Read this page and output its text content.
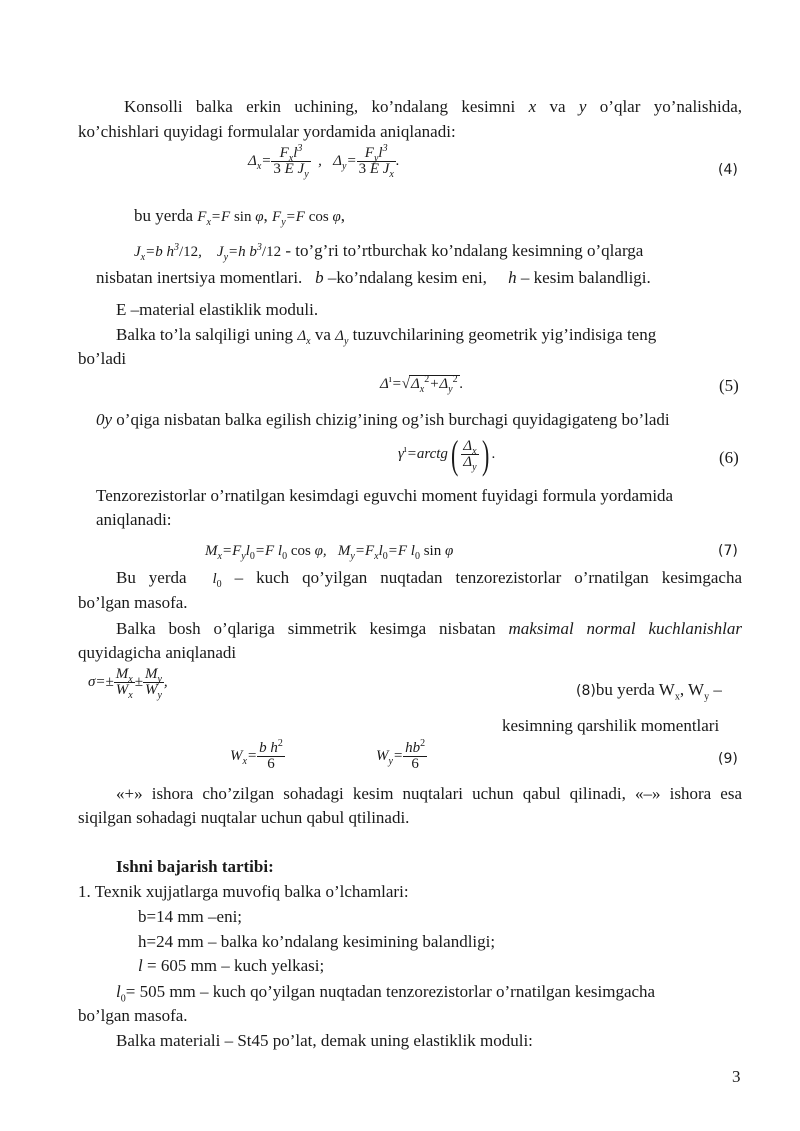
Konsolli balka erkin uchining, ko’ndalang kesimni x va y o’qlar yo’nalishida,
ko’chishlari quyidagi formulalar yordamida aniqlanadi:
$\Delta_x= \frac{F_xl^3}{3 E J_y}$ ,   $\Delta_y= \frac{F_yl^3}{3 E J_x}$ .
(4)
bu yerda $F_x=F$ sin φ, $F_y=F$ cos φ,
$J_x=b$ $h^3/12$,    $J_y=h$ $b^3/12$ - to’g’ri to’rtburchak ko’ndalang kesimning o’qlarga
nisbatan inertsiya momentlari. b –ko’ndalang kesim eni, h – kesim balandligi.
E –material elastiklik moduli.
Balka to’la salqiligi uning $\Delta_x$ va $\Delta_y$ tuzuvchilarining geometrik yig’indisiga teng
bo’ladi
$\Delta^ı=√\Delta_x^2+\Delta_y^2$ .	(5)
0y o’qiga nisbatan balka egilish chizig’ining og’ish burchagi quyidagigateng bo’ladi
$\gamma^ı=arctg( \frac{\Delta_x}{\Delta_y}$ ) .	(6)
Tenzorezistorlar o’rnatilgan kesimdagi eguvchi moment fuyidagi formula yordamida
aniqlanadi:
$M_x=F_yl_0=F$ $l_0$ cos φ,   $M_y=F_xl_0=F$ $l_0$ sin φ	(7)
Bu yerda $l_0$ – kuch qo’yilgan nuqtadan tenzorezistorlar o’rnatilgan kesimgacha
bo’lgan masofa.
Balka bosh o’qlariga simmetrik kesimga nisbatan maksimal normal kuchlanishlar
quyidagicha aniqlanadi
$\sigma=\pm \frac{M_x}{W_x} \pm \frac{M_y}{W_y}$ ,
(8)bu yerda $W_x$, $W_y$ –
kesimning qarshilik momentlari
$W_x= \frac{b h^2}{6}$	$W_y= \frac{hb^2}{6}$	(9)
«+» ishora cho’zilgan sohadagi kesim nuqtalari uchun qabul qilinadi, «–» ishora esa
siqilgan sohadagi nuqtalar uchun qabul qtilinadi.
Ishni bajarish tartibi:
1. Texnik xujjatlarga muvofiq balka o’lchamlari:
b=14 mm –eni;
h=24 mm – balka ko’ndalang kesimining balandligi;
l = 605 mm – kuch yelkasi;
$l_0= 505$ mm – kuch qo’yilgan nuqtadan tenzorezistorlar o’rnatilgan kesimgacha
bo’lgan masofa.
Balka materiali – St45 po’lat, demak uning elastiklik moduli:
3
